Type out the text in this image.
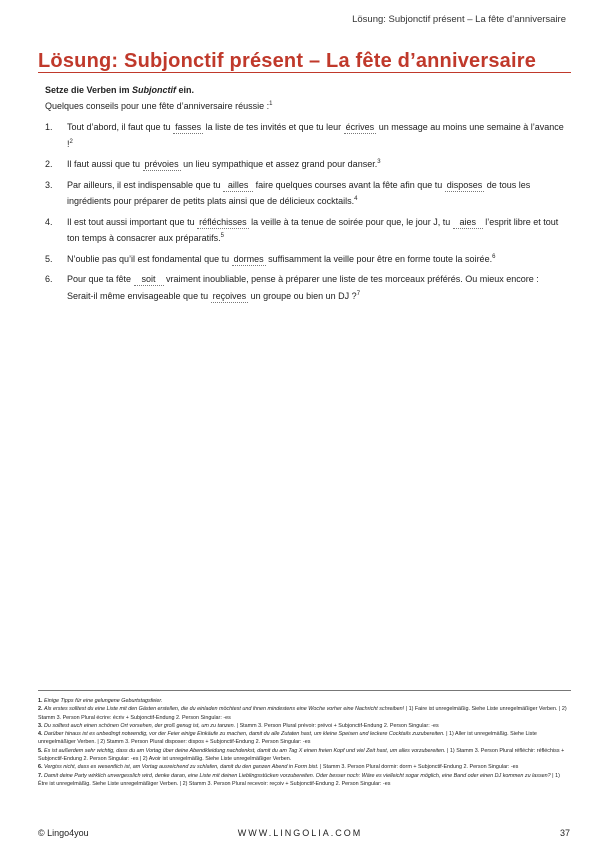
Lösung: Subjonctif présent – La fête d’anniversaire
Lösung: Subjonctif présent – La fête d’anniversaire
Setze die Verben im Subjonctif ein.
Quelques conseils pour une fête d’anniversaire réussie :$^1$
1. Tout d’abord, il faut que tu fasses la liste de tes invités et que tu leur écrives un message au moins une semaine à l’avance !$^2$
2. Il faut aussi que tu prévoies un lieu sympathique et assez grand pour danser.$^3$
3. Par ailleurs, il est indispensable que tu ailles faire quelques courses avant la fête afin que tu disposes de tous les ingrédients pour préparer de petits plats ainsi que de délicieux cocktails.$^4$
4. Il est tout aussi important que tu réfléchisses la veille à ta tenue de soirée pour que, le jour J, tu aies l’esprit libre et tout ton temps à consacrer aux préparatifs.$^5$
5. N’oublie pas qu’il est fondamental que tu dormes suffisamment la veille pour être en forme toute la soirée.$^6$
6. Pour que ta fête soit vraiment inoubliable, pense à préparer une liste de tes morceaux préférés. Ou mieux encore : Serait-il même envisageable que tu reçoives un groupe ou bien un DJ ?$^7$
1. Einige Tipps für eine gelungene Geburtstagsfeier.
2. Als erstes solltest du eine Liste mit den Gästen erstellen, die du einladen möchtest und ihnen mindestens eine Woche vorher eine Nachricht schreiben! | 1) Faire ist unregelmäßig. Siehe Liste unregelmäßiger Verben. | 2) Stamm 3. Person Plural écrire: écriv + Subjonctif-Endung 2. Person Singular: -es
3. Du solltest auch einen schönen Ort vorsehen, der groß genug ist, um zu tanzen. | Stamm 3. Person Plural prévoir: prévoi + Subjonctif-Endung 2. Person Singular: -es
4. Darüber hinaus ist es unbedingt notwendig, vor der Feier einige Einkäufe zu machen, damit du alle Zutaten hast, um kleine Speisen und leckere Cocktails zuzubereiten. | 1) Aller ist unregelmäßig. Siehe Liste unregelmäßiger Verben. | 2) Stamm 3. Person Plural disposer: dispos + Subjonctif-Endung 2. Person Singular: -es
5. Es ist außerdem sehr wichtig, dass du am Vortag über deine Abendkleidung nachdenkst, damit du am Tag X einen freien Kopf und viel Zeit hast, um alles vorzubereiten. | 1) Stamm 3. Person Plural réfléchir: réfléchiss + Subjonctif-Endung 2. Person Singular: -es | 2) Avoir ist unregelmäßig. Siehe Liste unregelmäßiger Verben.
6. Vergiss nicht, dass es wesentlich ist, am Vortag ausreichend zu schlafen, damit du den ganzen Abend in Form bist. | Stamm 3. Person Plural dormir: dorm + Subjonctif-Endung 2. Person Singular: -es
7. Damit deine Party wirklich unvergesslich wird, denke daran, eine Liste mit deinen Lieblingsstücken vorzubereiten. Oder besser noch: Wäre es vielleicht sogar möglich, eine Band oder einen DJ kommen zu lassen? | 1) Être ist unregelmäßig. Siehe Liste unregelmäßiger Verben. | 2) Stamm 3. Person Plural recevoir: reçoiv + Subjonctif-Endung 2. Person Singular: -es
© Lingo4you	WWW.LINGOLIA.COM	37
